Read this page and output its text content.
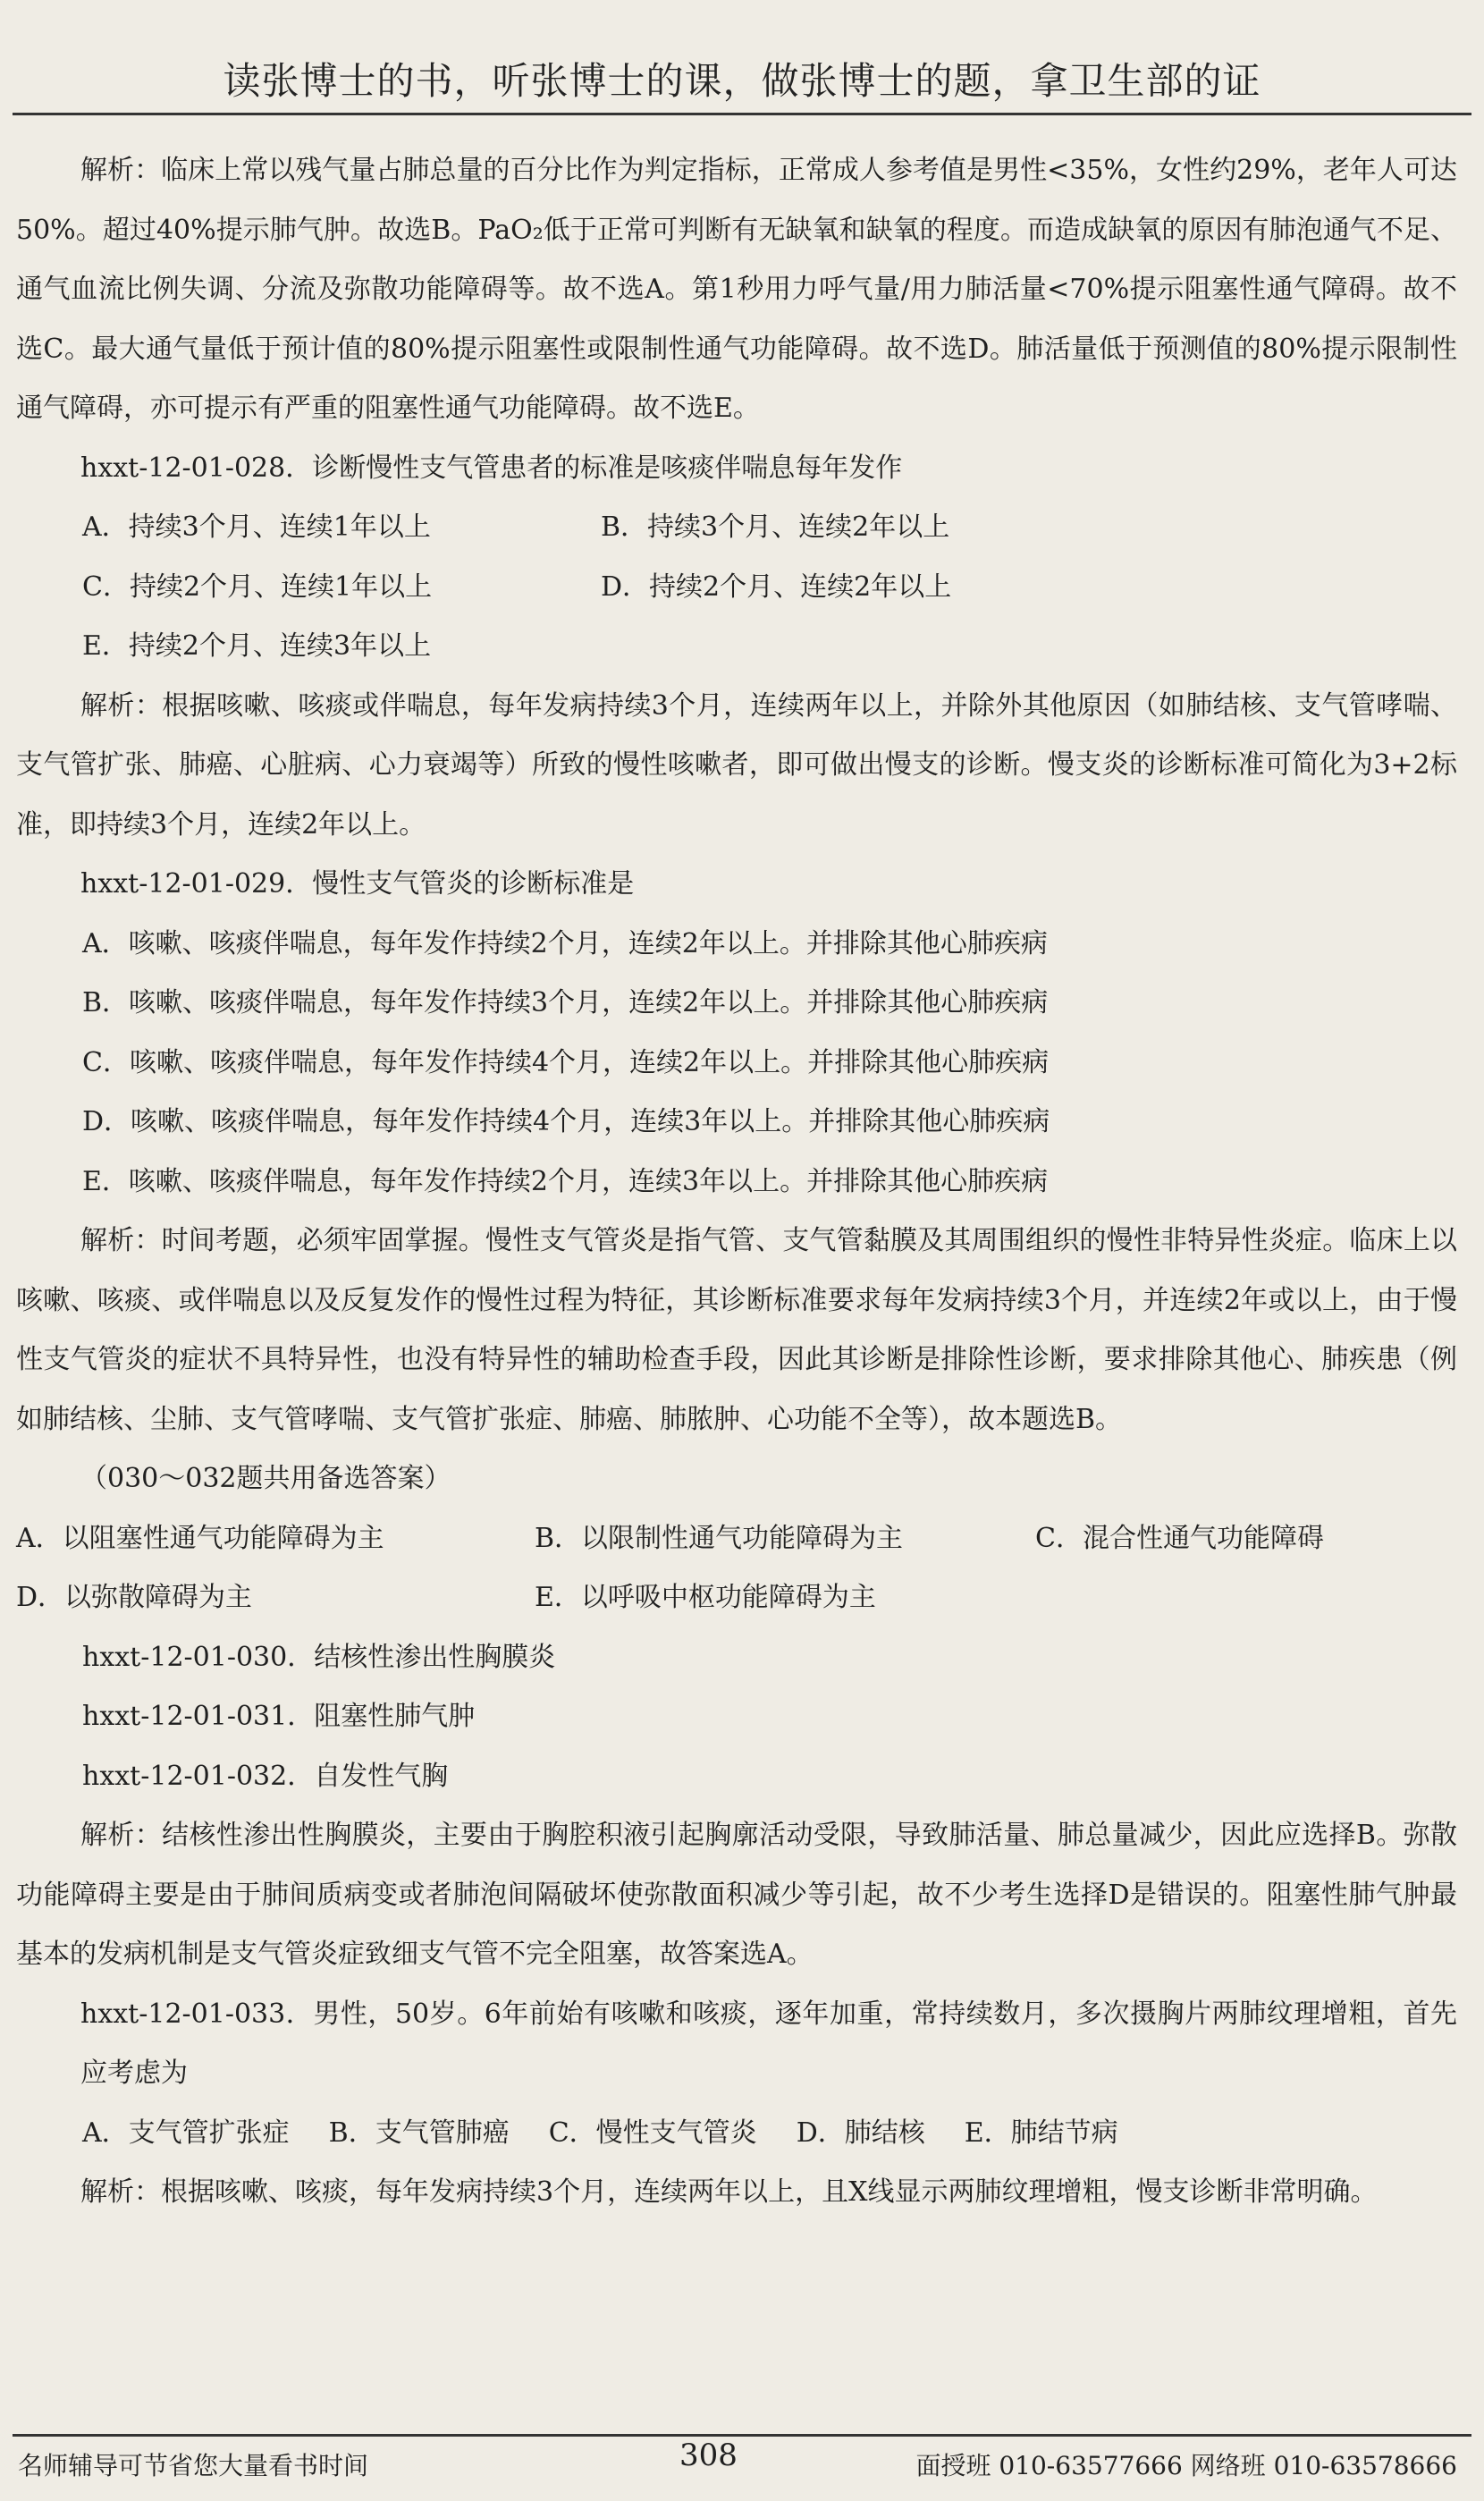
读张博士的书，听张博士的课，做张博士的题，拿卫生部的证

解析：临床上常以残气量占肺总量的百分比作为判定指标，正常成人参考值是男性<35%，女性约29%，老年人可达50%。超过40%提示肺气肿。故选B。PaO₂低于正常可判断有无缺氧和缺氧的程度。而造成缺氧的原因有肺泡通气不足、通气血流比例失调、分流及弥散功能障碍等。故不选A。第1秒用力呼气量/用力肺活量<70%提示阻塞性通气障碍。故不选C。最大通气量低于预计值的80%提示阻塞性或限制性通气功能障碍。故不选D。肺活量低于预测值的80%提示限制性通气障碍，亦可提示有严重的阻塞性通气功能障碍。故不选E。

hxxt-12-01-028．诊断慢性支气管患者的标准是咳痰伴喘息每年发作

A．持续3个月、连续1年以上	B．持续3个月、连续2年以上
C．持续2个月、连续1年以上	D．持续2个月、连续2年以上

E．持续2个月、连续3年以上

解析：根据咳嗽、咳痰或伴喘息，每年发病持续3个月，连续两年以上，并除外其他原因（如肺结核、支气管哮喘、支气管扩张、肺癌、心脏病、心力衰竭等）所致的慢性咳嗽者，即可做出慢支的诊断。慢支炎的诊断标准可简化为3+2标准，即持续3个月，连续2年以上。

hxxt-12-01-029．慢性支气管炎的诊断标准是

A．咳嗽、咳痰伴喘息，每年发作持续2个月，连续2年以上。并排除其他心肺疾病

B．咳嗽、咳痰伴喘息，每年发作持续3个月，连续2年以上。并排除其他心肺疾病

C．咳嗽、咳痰伴喘息，每年发作持续4个月，连续2年以上。并排除其他心肺疾病

D．咳嗽、咳痰伴喘息，每年发作持续4个月，连续3年以上。并排除其他心肺疾病

E．咳嗽、咳痰伴喘息，每年发作持续2个月，连续3年以上。并排除其他心肺疾病

解析：时间考题，必须牢固掌握。慢性支气管炎是指气管、支气管黏膜及其周围组织的慢性非特异性炎症。临床上以咳嗽、咳痰、或伴喘息以及反复发作的慢性过程为特征，其诊断标准要求每年发病持续3个月，并连续2年或以上，由于慢性支气管炎的症状不具特异性，也没有特异性的辅助检查手段，因此其诊断是排除性诊断，要求排除其他心、肺疾患（例如肺结核、尘肺、支气管哮喘、支气管扩张症、肺癌、肺脓肿、心功能不全等），故本题选B。

（030～032题共用备选答案）

A．以阻塞性通气功能障碍为主	B．以限制性通气功能障碍为主	C．混合性通气功能障碍
D．以弥散障碍为主	E．以呼吸中枢功能障碍为主

hxxt-12-01-030．结核性渗出性胸膜炎

hxxt-12-01-031．阻塞性肺气肿

hxxt-12-01-032．自发性气胸

解析：结核性渗出性胸膜炎，主要由于胸腔积液引起胸廓活动受限，导致肺活量、肺总量减少，因此应选择B。弥散功能障碍主要是由于肺间质病变或者肺泡间隔破坏使弥散面积减少等引起，故不少考生选择D是错误的。阻塞性肺气肿最基本的发病机制是支气管炎症致细支气管不完全阻塞，故答案选A。

hxxt-12-01-033．男性，50岁。6年前始有咳嗽和咳痰，逐年加重，常持续数月，多次摄胸片两肺纹理增粗，首先应考虑为

A．支气管扩张症 B．支气管肺癌 C．慢性支气管炎 D．肺结核 E．肺结节病

解析：根据咳嗽、咳痰，每年发病持续3个月，连续两年以上，且X线显示两肺纹理增粗，慢支诊断非常明确。

名师辅导可节省您大量看书时间	308	面授班 010-63577666 网络班 010-63578666
